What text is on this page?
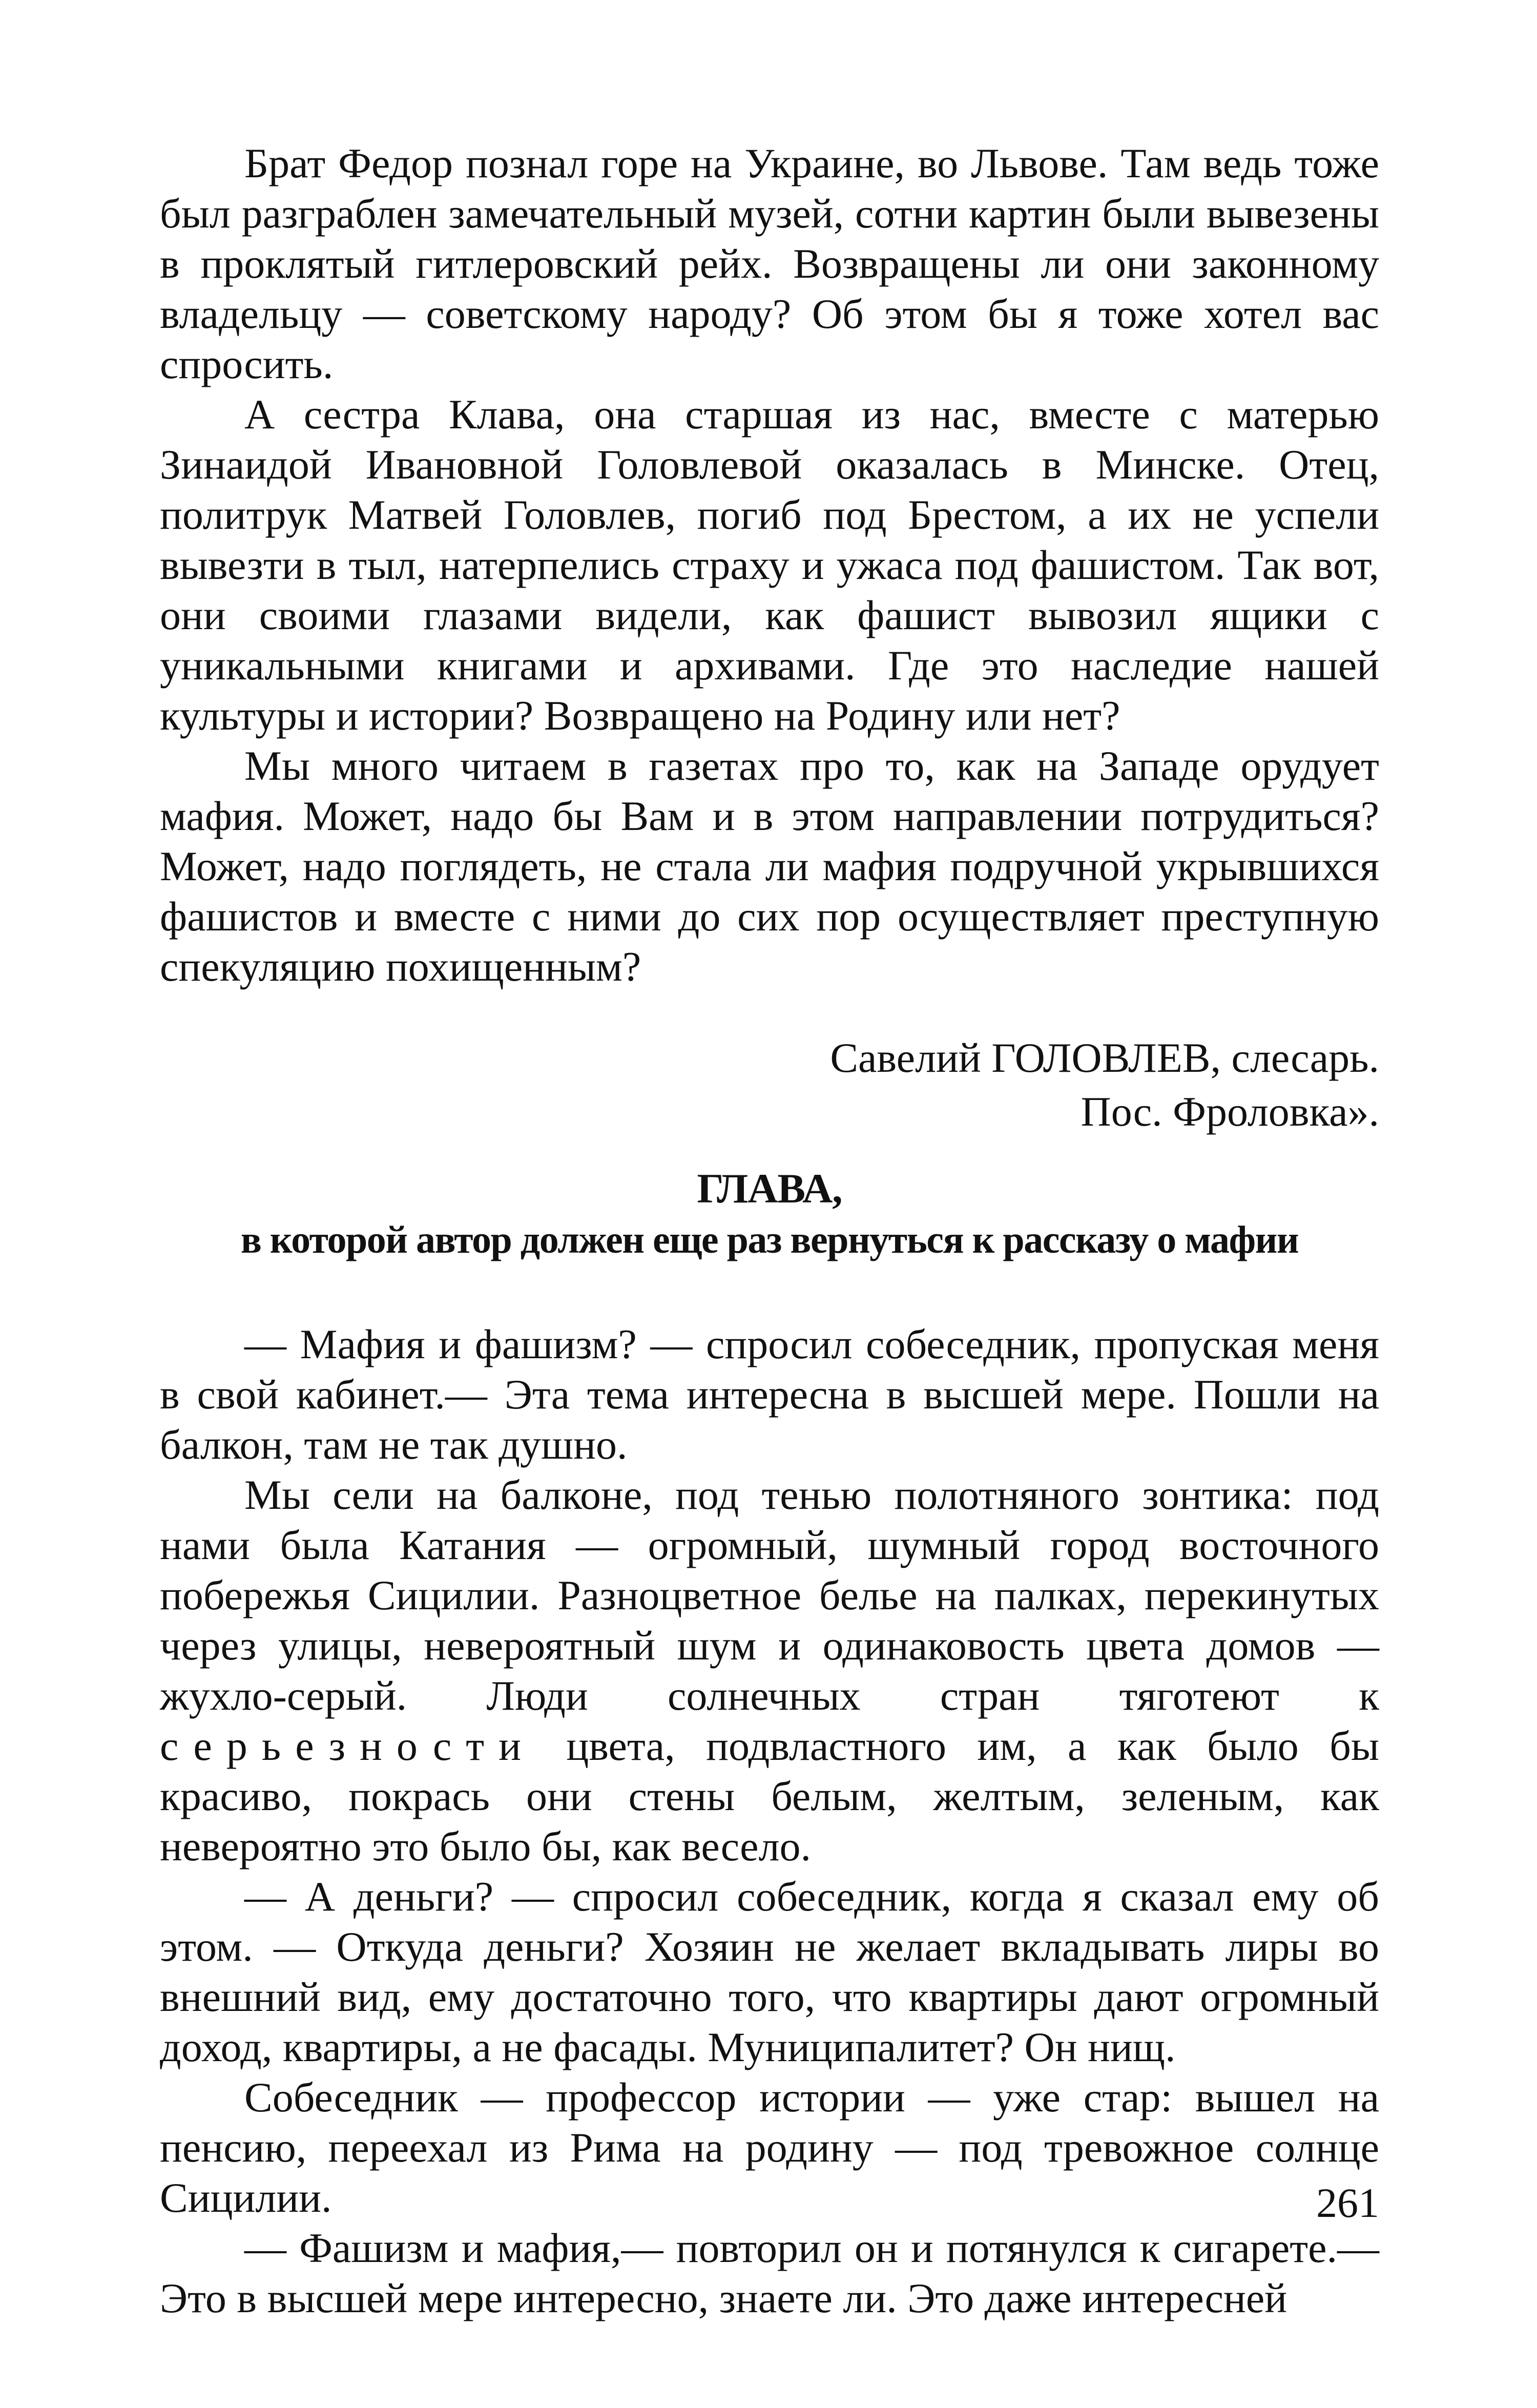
Брат Федор познал горе на Украине, во Львове. Там ведь тоже был разграблен замечательный музей, сотни картин были вывезены в проклятый гитлеровский рейх. Возвращены ли они законному владельцу — советскому народу? Об этом бы я тоже хотел вас спросить.

А сестра Клава, она старшая из нас, вместе с матерью Зинаидой Ивановной Головлевой оказалась в Минске. Отец, политрук Матвей Головлев, погиб под Брестом, а их не успели вывезти в тыл, натерпелись страху и ужаса под фашистом. Так вот, они своими глазами видели, как фашист вывозил ящики с уникальными книгами и архивами. Где это наследие нашей культуры и истории? Возвращено на Родину или нет?

Мы много читаем в газетах про то, как на Западе орудует мафия. Может, надо бы Вам и в этом направлении потрудиться? Может, надо поглядеть, не стала ли мафия подручной укрывшихся фашистов и вместе с ними до сих пор осуществляет преступную спекуляцию похищенным?

Савелий ГОЛОВЛЕВ, слесарь.
Пос. Фроловка».

ГЛАВА,

в которой автор должен еще раз вернуться к рассказу о мафии

— Мафия и фашизм? — спросил собеседник, пропуская меня в свой кабинет.— Эта тема интересна в высшей мере. Пошли на балкон, там не так душно.

Мы сели на балконе, под тенью полотняного зонтика: под нами была Катания — огромный, шумный город восточного побережья Сицилии. Разноцветное белье на палках, перекинутых через улицы, невероятный шум и одинаковость цвета домов — жухло-серый. Люди солнечных стран тяготеют к серьезности цвета, подвластного им, а как было бы красиво, покрась они стены белым, желтым, зеленым, как невероятно это было бы, как весело.

— А деньги? — спросил собеседник, когда я сказал ему об этом. — Откуда деньги? Хозяин не желает вкладывать лиры во внешний вид, ему достаточно того, что квартиры дают огромный доход, квартиры, а не фасады. Муниципалитет? Он нищ.

Собеседник — профессор истории — уже стар: вышел на пенсию, переехал из Рима на родину — под тревожное солнце Сицилии.

— Фашизм и мафия,— повторил он и потянулся к сигарете.— Это в высшей мере интересно, знаете ли. Это даже интересней

261
